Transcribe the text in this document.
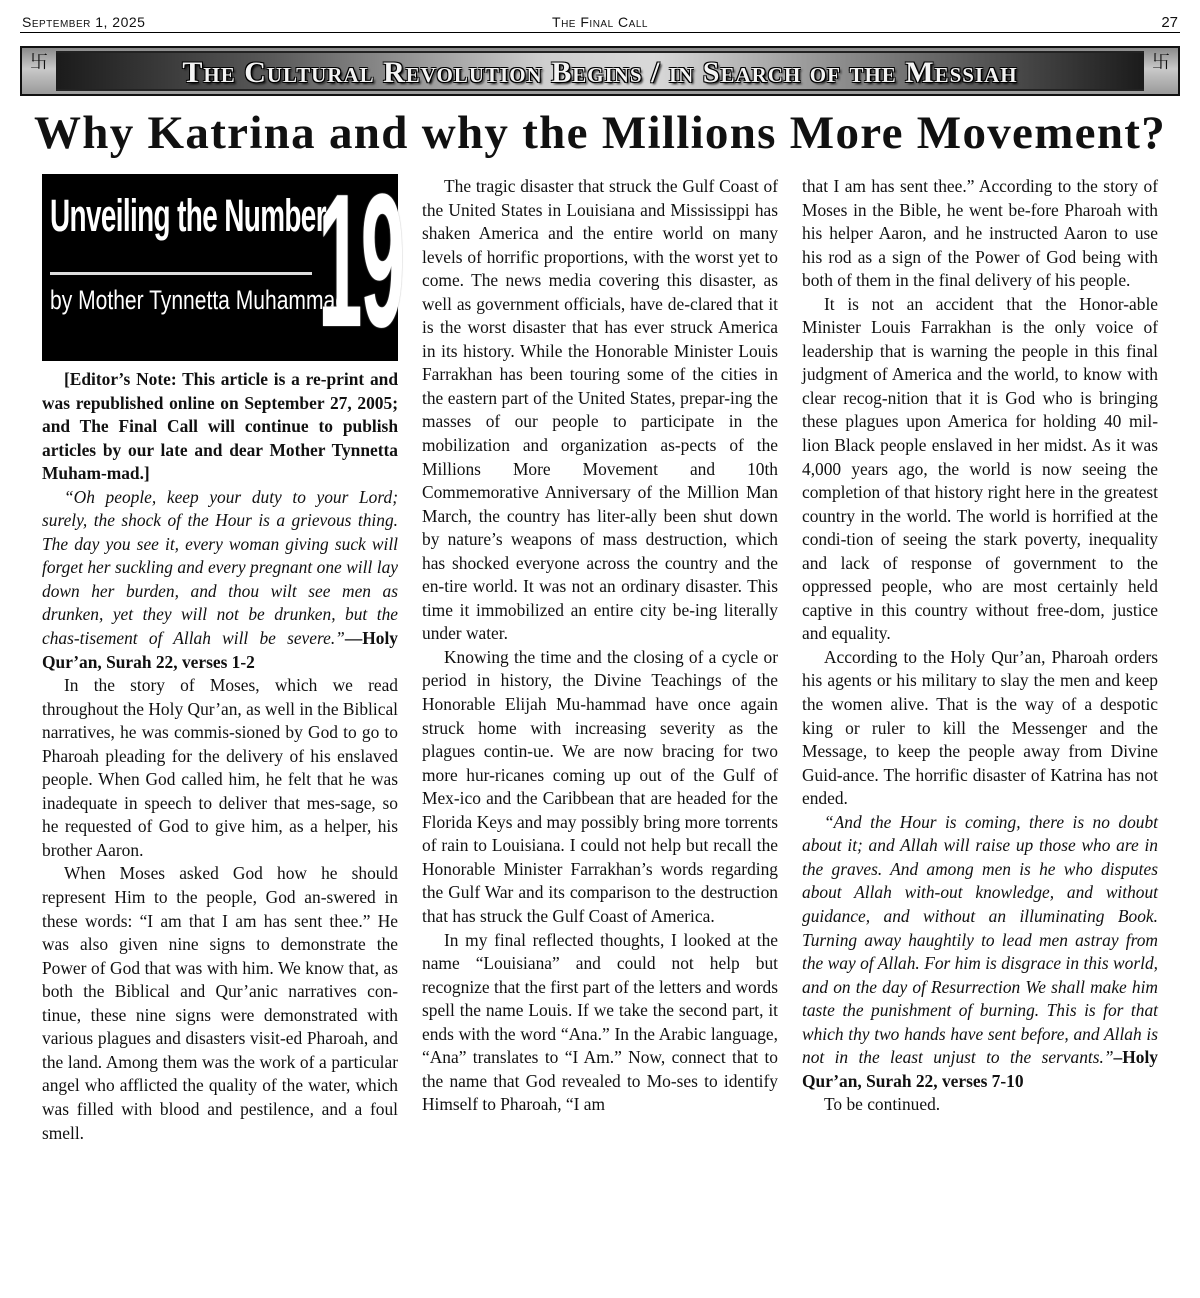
September 1, 2025	The Final Call	27
卐	卐
The Cultural Revolution Begins / in Search of the Messiah
Why Katrina and why the Millions More Movement?
Unveiling the Number
by Mother Tynnetta Muhammad
19

[Editor’s Note: This article is a re-print and was republished online on September 27, 2005; and The Final Call will continue to publish articles by our late and dear Mother Tynnetta Muham-mad.]

“Oh people, keep your duty to your Lord; surely, the shock of the Hour is a grievous thing. The day you see it, every woman giving suck will forget her suckling and every pregnant one will lay down her burden, and thou wilt see men as drunken, yet they will not be drunken, but the chas-tisement of Allah will be severe.”—Holy Qur’an, Surah 22, verses 1-2

In the story of Moses, which we read throughout the Holy Qur’an, as well in the Biblical narratives, he was commis-sioned by God to go to Pharoah pleading for the delivery of his enslaved people. When God called him, he felt that he was inadequate in speech to deliver that mes-sage, so he requested of God to give him, as a helper, his brother Aaron.

When Moses asked God how he should represent Him to the people, God an-swered in these words: “I am that I am has sent thee.” He was also given nine signs to demonstrate the Power of God that was with him. We know that, as both the Biblical and Qur’anic narratives con-tinue, these nine signs were demonstrated with various plagues and disasters visit-ed Pharoah, and the land. Among them was the work of a particular angel who afflicted the quality of the water, which was filled with blood and pestilence, and a foul smell.

The tragic disaster that struck the Gulf Coast of the United States in Louisiana and Mississippi has shaken America and the entire world on many levels of horrific proportions, with the worst yet to come. The news media covering this disaster, as well as government officials, have de-clared that it is the worst disaster that has ever struck America in its history. While the Honorable Minister Louis Farrakhan has been touring some of the cities in the eastern part of the United States, prepar-ing the masses of our people to participate in the mobilization and organization as-pects of the Millions More Movement and 10th Commemorative Anniversary of the Million Man March, the country has liter-ally been shut down by nature’s weapons of mass destruction, which has shocked everyone across the country and the en-tire world. It was not an ordinary disaster. This time it immobilized an entire city be-ing literally under water.

Knowing the time and the closing of a cycle or period in history, the Divine Teachings of the Honorable Elijah Mu-hammad have once again struck home with increasing severity as the plagues contin-ue. We are now bracing for two more hur-ricanes coming up out of the Gulf of Mex-ico and the Caribbean that are headed for the Florida Keys and may possibly bring more torrents of rain to Louisiana. I could not help but recall the Honorable Minister Farrakhan’s words regarding the Gulf War and its comparison to the destruction that has struck the Gulf Coast of America.

In my final reflected thoughts, I looked at the name “Louisiana” and could not help but recognize that the first part of the letters and words spell the name Louis. If we take the second part, it ends with the word “Ana.” In the Arabic language, “Ana” translates to “I Am.” Now, connect that to the name that God revealed to Mo-ses to identify Himself to Pharoah, “I am

that I am has sent thee.” According to the story of Moses in the Bible, he went be-fore Pharoah with his helper Aaron, and he instructed Aaron to use his rod as a sign of the Power of God being with both of them in the final delivery of his people.

It is not an accident that the Honor-able Minister Louis Farrakhan is the only voice of leadership that is warning the people in this final judgment of America and the world, to know with clear recog-nition that it is God who is bringing these plagues upon America for holding 40 mil-lion Black people enslaved in her midst. As it was 4,000 years ago, the world is now seeing the completion of that history right here in the greatest country in the world. The world is horrified at the condi-tion of seeing the stark poverty, inequality and lack of response of government to the oppressed people, who are most certainly held captive in this country without free-dom, justice and equality.

According to the Holy Qur’an, Pharoah orders his agents or his military to slay the men and keep the women alive. That is the way of a despotic king or ruler to kill the Messenger and the Message, to keep the people away from Divine Guid-ance. The horrific disaster of Katrina has not ended.

“And the Hour is coming, there is no doubt about it; and Allah will raise up those who are in the graves. And among men is he who disputes about Allah with-out knowledge, and without guidance, and without an illuminating Book. Turning away haughtily to lead men astray from the way of Allah. For him is disgrace in this world, and on the day of Resurrection We shall make him taste the punishment of burning. This is for that which thy two hands have sent before, and Allah is not in the least unjust to the servants.”–Holy Qur’an, Surah 22, verses 7-10

To be continued.
